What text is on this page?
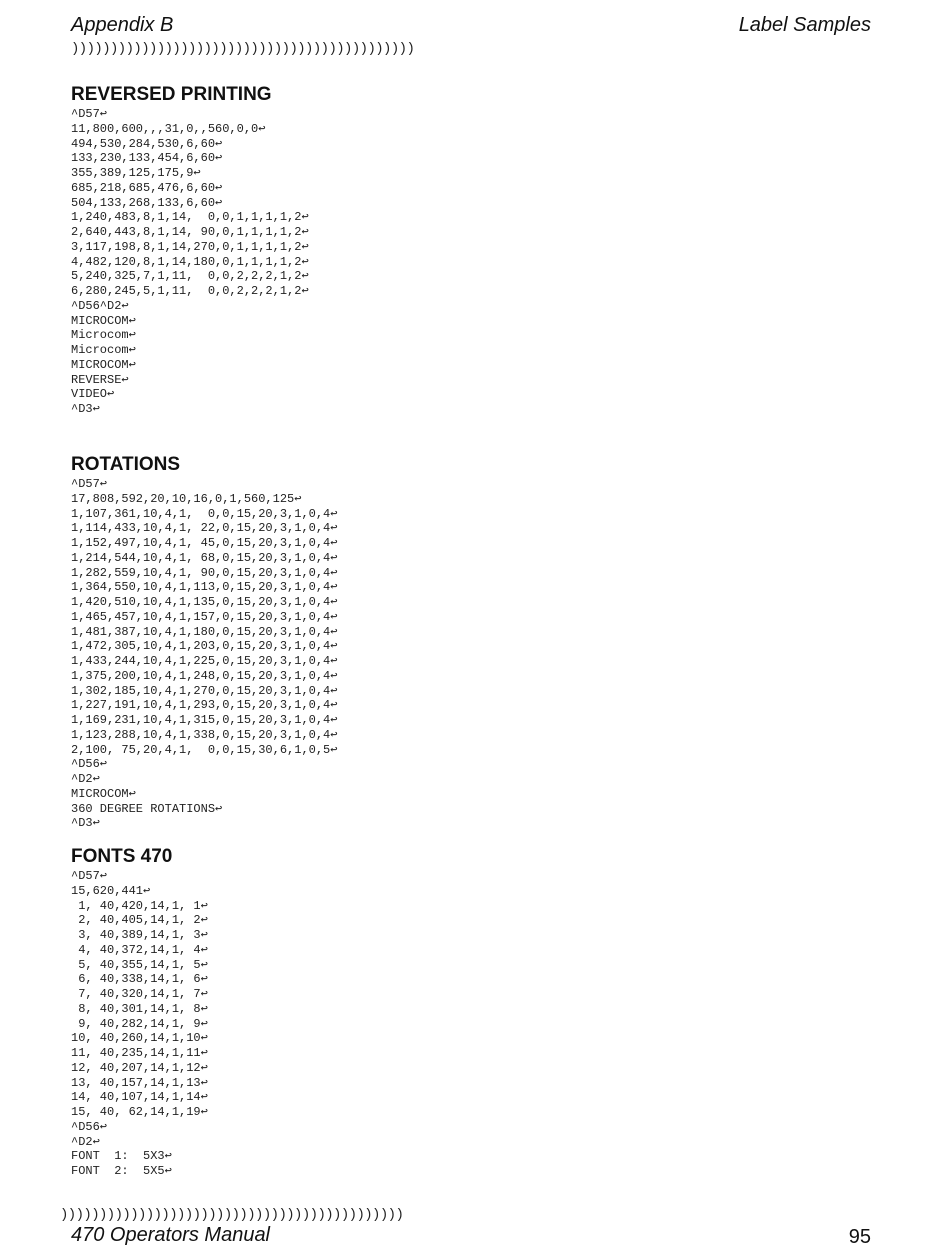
Appendix B	Label Samples
))))))))))))))))))))))))))))))))))))))))))))
REVERSED PRINTING
^D57↩
11,800,600,,,31,0,,560,0,0↩
494,530,284,530,6,60↩
133,230,133,454,6,60↩
355,389,125,175,9↩
685,218,685,476,6,60↩
504,133,268,133,6,60↩
1,240,483,8,1,14,  0,0,1,1,1,1,2↩
2,640,443,8,1,14, 90,0,1,1,1,1,2↩
3,117,198,8,1,14,270,0,1,1,1,1,2↩
4,482,120,8,1,14,180,0,1,1,1,1,2↩
5,240,325,7,1,11,  0,0,2,2,2,1,2↩
6,280,245,5,1,11,  0,0,2,2,2,1,2↩
^D56^D2↩
MICROCOM↩
Microcom↩
Microcom↩
MICROCOM↩
REVERSE↩
VIDEO↩
^D3↩
ROTATIONS
^D57↩
17,808,592,20,10,16,0,1,560,125↩
1,107,361,10,4,1,  0,0,15,20,3,1,0,4↩
1,114,433,10,4,1, 22,0,15,20,3,1,0,4↩
1,152,497,10,4,1, 45,0,15,20,3,1,0,4↩
1,214,544,10,4,1, 68,0,15,20,3,1,0,4↩
1,282,559,10,4,1, 90,0,15,20,3,1,0,4↩
1,364,550,10,4,1,113,0,15,20,3,1,0,4↩
1,420,510,10,4,1,135,0,15,20,3,1,0,4↩
1,465,457,10,4,1,157,0,15,20,3,1,0,4↩
1,481,387,10,4,1,180,0,15,20,3,1,0,4↩
1,472,305,10,4,1,203,0,15,20,3,1,0,4↩
1,433,244,10,4,1,225,0,15,20,3,1,0,4↩
1,375,200,10,4,1,248,0,15,20,3,1,0,4↩
1,302,185,10,4,1,270,0,15,20,3,1,0,4↩
1,227,191,10,4,1,293,0,15,20,3,1,0,4↩
1,169,231,10,4,1,315,0,15,20,3,1,0,4↩
1,123,288,10,4,1,338,0,15,20,3,1,0,4↩
2,100, 75,20,4,1,  0,0,15,30,6,1,0,5↩
^D56↩
^D2↩
MICROCOM↩
360 DEGREE ROTATIONS↩
^D3↩
FONTS 470
^D57↩
15,620,441↩
1, 40,420,14,1, 1↩
2, 40,405,14,1, 2↩
3, 40,389,14,1, 3↩
4, 40,372,14,1, 4↩
5, 40,355,14,1, 5↩
6, 40,338,14,1, 6↩
7, 40,320,14,1, 7↩
8, 40,301,14,1, 8↩
9, 40,282,14,1, 9↩
10, 40,260,14,1,10↩
11, 40,235,14,1,11↩
12, 40,207,14,1,12↩
13, 40,157,14,1,13↩
14, 40,107,14,1,14↩
15, 40, 62,14,1,19↩
^D56↩
^D2↩
FONT  1:  5X3↩
FONT  2:  5X5↩
))))))))))))))))))))))))))))))))))))))))))))
470 Operators Manual	95
